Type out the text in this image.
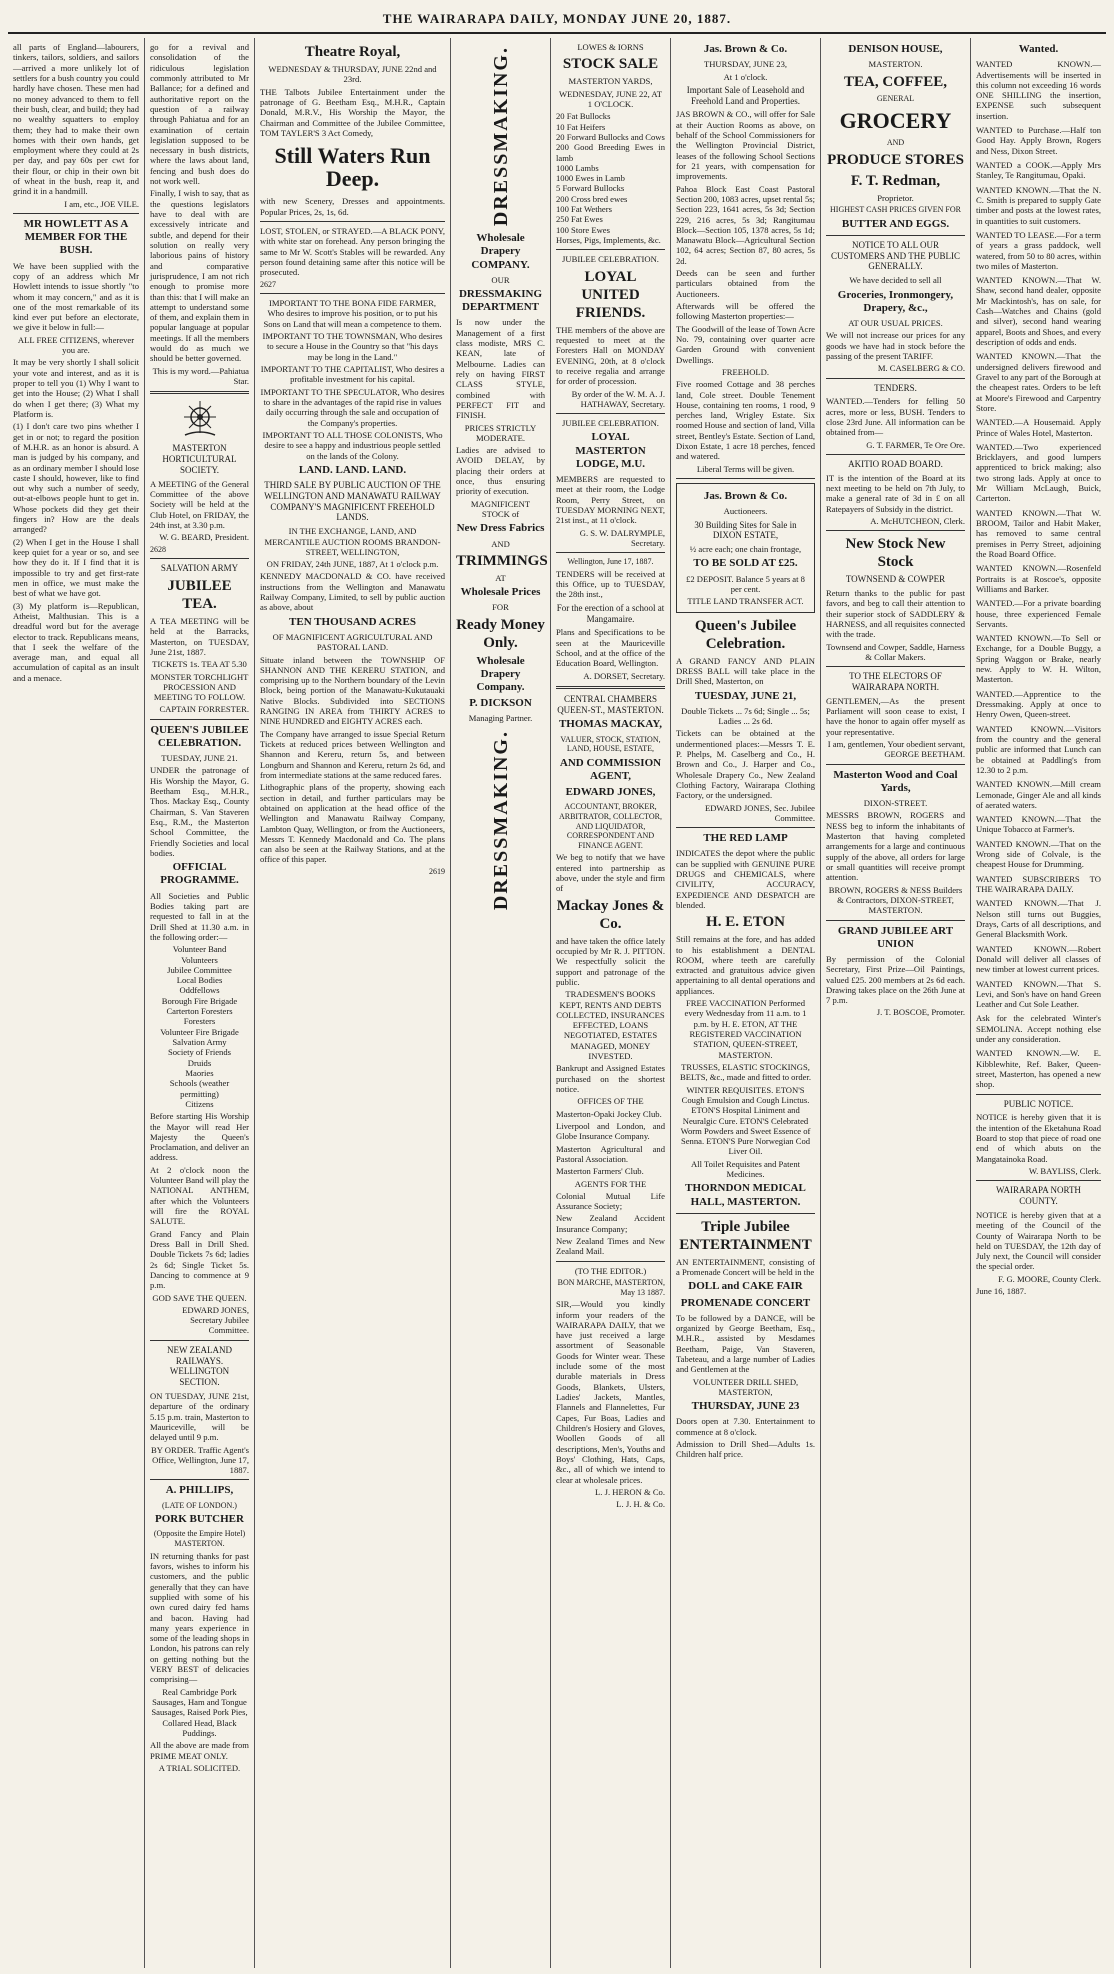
THE WAIRARAPA DAILY, MONDAY JUNE 20, 1887.

all parts of England—labourers, tinkers, tailors, soldiers, and sailors—arrived a more unlikely lot of settlers for a bush country you could hardly have chosen. These men had no money advanced to them to fell their bush, clear, and build; they had no wealthy squatters to employ them; they had to make their own homes with their own hands, get employment where they could at 2s per day, and pay 60s per cwt for their flour, or chip in their own bit of wheat in the bush, reap it, and grind it in a handmill.

I am, etc., JOE VILE.

MR HOWLETT AS A MEMBER FOR THE BUSH.

We have been supplied with the copy of an address which Mr Howlett intends to issue shortly "to whom it may concern," and as it is one of the most remarkable of its kind ever put before an electorate, we give it below in full:—

ALL FREE CITIZENS, wherever you are.

It may be very shortly I shall solicit your vote and interest, and as it is proper to tell you (1) Why I want to get into the House; (2) What I shall do when I get there; (3) What my Platform is.

(1) I don't care two pins whether I get in or not; to regard the position of M.H.R. as an honor is absurd. A man is judged by his company, and as an ordinary member I should lose caste I should, however, like to find out why such a number of seedy, out-at-elbows people hunt to get in. Whose pockets did they get their fingers in? How are the deals arranged?

(2) When I get in the House I shall keep quiet for a year or so, and see how they do it. If I find that it is impossible to try and get first-rate men in office, we must make the best of what we have got.

(3) My platform is—Republican, Atheist, Malthusian. This is a dreadful word but for the average elector to track. Republicans means, that I seek the welfare of the average man, and equal all accumulation of capital as an insult and a menace.

go for a revival and consolidation of the ridiculous legislation commonly attributed to Mr Ballance; for a defined and authoritative report on the question of a railway through Pahiatua and for an examination of certain legislation supposed to be necessary in bush districts, where the laws about land, fencing and bush does do not work well.

Finally, I wish to say, that as the questions legislators have to deal with are excessively intricate and subtle, and depend for their solution on really very laborious pains of history and comparative jurisprudence, I am not rich enough to promise more than this: that I will make an attempt to understand some of them, and explain them in popular language at popular meetings. If all the members would do as much we should be better governed.

This is my word.—Pahiatua Star.

MASTERTON HORTICULTURAL SOCIETY.

A MEETING of the General Committee of the above Society will be held at the Club Hotel, on FRIDAY, the 24th inst, at 3.30 p.m.

W. G. BEARD, President.

2628

SALVATION ARMY
JUBILEE TEA.

A TEA MEETING will be held at the Barracks, Masterton, on TUESDAY, June 21st, 1887.

TICKETS 1s. TEA AT 5.30

MONSTER TORCHLIGHT PROCESSION AND MEETING TO FOLLOW.

CAPTAIN FORRESTER.

QUEEN'S JUBILEE CELEBRATION.

TUESDAY, JUNE 21.

UNDER the patronage of His Worship the Mayor, G. Beetham Esq., M.H.R., Thos. Mackay Esq., County Chairman, S. Van Staveren Esq., R.M., the Masterton School Committee, the Friendly Societies and local bodies.

OFFICIAL PROGRAMME.

All Societies and Public Bodies taking part are requested to fall in at the Drill Shed at 11.30 a.m. in the following order:—

Volunteer Band
Volunteers
Jubilee Committee
Local Bodies
Oddfellows
Borough Fire Brigade
Carterton Foresters
Foresters
Volunteer Fire Brigade
Salvation Army
Society of Friends
Druids
Maories
Schools (weather permitting)
Citizens

Before starting His Worship the Mayor will read Her Majesty the Queen's Proclamation, and deliver an address.

At 2 o'clock noon the Volunteer Band will play the NATIONAL ANTHEM, after which the Volunteers will fire the ROYAL SALUTE.

Grand Fancy and Plain Dress Ball in Drill Shed. Double Tickets 7s 6d; ladies 2s 6d; Single Ticket 5s. Dancing to commence at 9 p.m.

GOD SAVE THE QUEEN.

EDWARD JONES, Secretary Jubilee Committee.

NEW ZEALAND RAILWAYS. WELLINGTON SECTION.

ON TUESDAY, JUNE 21st, departure of the ordinary 5.15 p.m. train, Masterton to Mauriceville, will be delayed until 9 p.m.

BY ORDER. Traffic Agent's Office, Wellington, June 17, 1887.

A. PHILLIPS,

(LATE OF LONDON.)

PORK BUTCHER

(Opposite the Empire Hotel) MASTERTON.

IN returning thanks for past favors, wishes to inform his customers, and the public generally that they can have supplied with some of his own cured dairy fed hams and bacon. Having had many years experience in some of the leading shops in London, his patrons can rely on getting nothing but the VERY BEST of delicacies comprising—

Real Cambridge Pork Sausages, Ham and Tongue Sausages, Raised Pork Pies, Collared Head, Black Puddings.

All the above are made from PRIME MEAT ONLY.

A TRIAL SOLICITED.

Theatre Royal,

WEDNESDAY & THURSDAY, JUNE 22nd and 23rd.

THE Talbots Jubilee Entertainment under the patronage of G. Beetham Esq., M.H.R., Captain Donald, M.R.V., His Worship the Mayor, the Chairman and Committee of the Jubilee Committee, TOM TAYLER'S 3 Act Comedy,

Still Waters Run Deep.

with new Scenery, Dresses and appointments. Popular Prices, 2s, 1s, 6d.

LOST, STOLEN, or STRAYED.—A BLACK PONY, with white star on forehead. Any person bringing the same to Mr W. Scott's Stables will be rewarded. Any person found detaining same after this notice will be prosecuted.

2627

IMPORTANT TO THE BONA FIDE FARMER, Who desires to improve his position, or to put his Sons on Land that will mean a competence to them.

IMPORTANT TO THE TOWNSMAN, Who desires to secure a House in the Country so that "his days may be long in the Land."

IMPORTANT TO THE CAPITALIST, Who desires a profitable investment for his capital.

IMPORTANT TO THE SPECULATOR, Who desires to share in the advantages of the rapid rise in values daily occurring through the sale and occupation of the Company's properties.

IMPORTANT TO ALL THOSE COLONISTS, Who desire to see a happy and industrious people settled on the lands of the Colony.

LAND. LAND. LAND.
THIRD SALE BY PUBLIC AUCTION OF THE WELLINGTON AND MANAWATU RAILWAY COMPANY'S MAGNIFICENT FREEHOLD LANDS.

IN THE EXCHANGE, LAND, AND MERCANTILE AUCTION ROOMS BRANDON-STREET, WELLINGTON,

ON FRIDAY, 24th JUNE, 1887, At 1 o'clock p.m.

KENNEDY MACDONALD & CO. have received instructions from the Wellington and Manawatu Railway Company, Limited, to sell by public auction as above, about

TEN THOUSAND ACRES

OF MAGNIFICENT AGRICULTURAL AND PASTORAL LAND.

Situate inland between the TOWNSHIP OF SHANNON AND THE KERERU STATION, and comprising up to the Northern boundary of the Levin Block, being portion of the Manawatu-Kukutauaki Native Blocks. Subdivided into SECTIONS RANGING IN AREA from THIRTY ACRES to NINE HUNDRED and EIGHTY ACRES each.

The Company have arranged to issue Special Return Tickets at reduced prices between Wellington and Shannon and Kereru, return 5s, and between Longburn and Shannon and Kereru, return 2s 6d, and from intermediate stations at the same reduced fares.

Lithographic plans of the property, showing each section in detail, and further particulars may be obtained on application at the head office of the Wellington and Manawatu Railway Company, Lambton Quay, Wellington, or from the Auctioneers, Messrs T. Kennedy Macdonald and Co. The plans can also be seen at the Railway Stations, and at the office of this paper.

2619

DRESSMAKING.
Wholesale Drapery COMPANY.

OUR

DRESSMAKING DEPARTMENT

Is now under the Management of a first class modiste, MRS C. KEAN, late of Melbourne. Ladies can rely on having FIRST CLASS STYLE, combined with PERFECT FIT and FINISH.

PRICES STRICTLY MODERATE.

Ladies are advised to AVOID DELAY, by placing their orders at once, thus ensuring priority of execution.

MAGNIFICENT STOCK of

New Dress Fabrics

AND

TRIMMINGS

AT

Wholesale Prices

FOR

Ready Money Only.
Wholesale Drapery Company.
P. DICKSON

Managing Partner.

DRESSMAKING.

LOWES & IORNS

STOCK SALE

MASTERTON YARDS,

WEDNESDAY, JUNE 22, AT 1 O'CLOCK.

20 Fat Bullocks
10 Fat Heifers
20 Forward Bullocks and Cows
200 Good Breeding Ewes in lamb
1000 Lambs
1000 Ewes in Lamb
5 Forward Bullocks
200 Cross bred ewes
100 Fat Wethers
250 Fat Ewes
100 Store Ewes
Horses, Pigs, Implements, &c.

JUBILEE CELEBRATION.

LOYAL UNITED FRIENDS.

THE members of the above are requested to meet at the Foresters Hall on MONDAY EVENING, 20th, at 8 o'clock to receive regalia and arrange for order of procession.

By order of the W. M. A. J. HATHAWAY, Secretary.

JUBILEE CELEBRATION.

LOYAL MASTERTON LODGE, M.U.

MEMBERS are requested to meet at their room, the Lodge Room, Perry Street, on TUESDAY MORNING NEXT, 21st inst., at 11 o'clock.

G. S. W. DALRYMPLE, Secretary.

Wellington, June 17, 1887.

TENDERS will be received at this Office, up to TUESDAY, the 28th inst.,

For the erection of a school at Mangamaire.

Plans and Specifications to be seen at the Mauriceville School, and at the office of the Education Board, Wellington.

A. DORSET, Secretary.

CENTRAL CHAMBERS QUEEN-ST., MASTERTON.
THOMAS MACKAY,

VALUER, STOCK, STATION, LAND, HOUSE, ESTATE,

AND COMMISSION AGENT,
EDWARD JONES,

ACCOUNTANT, BROKER, ARBITRATOR, COLLECTOR, AND LIQUIDATOR, CORRESPONDENT AND FINANCE AGENT.

We beg to notify that we have entered into partnership as above, under the style and firm of

Mackay Jones & Co.

and have taken the office lately occupied by Mr R. J. PITTON. We respectfully solicit the support and patronage of the public.

TRADESMEN'S BOOKS KEPT, RENTS AND DEBTS COLLECTED, INSURANCES EFFECTED, LOANS NEGOTIATED, ESTATES MANAGED, MONEY INVESTED.

Bankrupt and Assigned Estates purchased on the shortest notice.

OFFICES OF THE

Masterton-Opaki Jockey Club.

Liverpool and London, and Globe Insurance Company.

Masterton Agricultural and Pastoral Association.

Masterton Farmers' Club.

AGENTS FOR THE

Colonial Mutual Life Assurance Society;

New Zealand Accident Insurance Company;

New Zealand Times and New Zealand Mail.

(TO THE EDITOR.)

BON MARCHE, MASTERTON, May 13 1887.

SIR,—Would you kindly inform your readers of the WAIRARAPA DAILY, that we have just received a large assortment of Seasonable Goods for Winter wear. These include some of the most durable materials in Dress Goods, Blankets, Ulsters, Ladies' Jackets, Mantles, Flannels and Flannelettes, Fur Capes, Fur Boas, Ladies and Children's Hosiery and Gloves, Woollen Goods of all descriptions, Men's, Youths and Boys' Clothing, Hats, Caps, &c., all of which we intend to clear at wholesale prices.

L. J. HERON & Co.

L. J. H. & Co.

Jas. Brown & Co.

THURSDAY, JUNE 23,

At 1 o'clock.

Important Sale of Leasehold and Freehold Land and Properties.

JAS BROWN & CO., will offer for Sale at their Auction Rooms as above, on behalf of the School Commissioners for the Wellington Provincial District, leases of the following School Sections for 21 years, with compensation for improvements.

Pahoa Block East Coast Pastoral Section 200, 1083 acres, upset rental 5s; Section 223, 1641 acres, 5s 3d; Section 229, 216 acres, 5s 3d; Rangitumau Block—Section 105, 1378 acres, 5s 1d; Manawatu Block—Agricultural Section 102, 64 acres; Section 87, 80 acres, 5s 2d.

Deeds can be seen and further particulars obtained from the Auctioneers.

Afterwards will be offered the following Masterton properties:—

The Goodwill of the lease of Town Acre No. 79, containing over quarter acre Garden Ground with convenient Dwellings.

FREEHOLD.

Five roomed Cottage and 38 perches land, Cole street. Double Tenement House, containing ten rooms, 1 rood, 9 perches land, Wrigley Estate. Six roomed House and section of land, Villa street, Bentley's Estate. Section of Land, Dixon Estate, 1 acre 18 perches, fenced and watered.

Liberal Terms will be given.

Jas. Brown & Co.

Auctioneers.

30 Building Sites for Sale in DIXON ESTATE,

½ acre each; one chain frontage,

TO BE SOLD AT £25.

£2 DEPOSIT. Balance 5 years at 8 per cent.

TITLE LAND TRANSFER ACT.

Queen's Jubilee Celebration.

A GRAND FANCY AND PLAIN DRESS BALL will take place in the Drill Shed, Masterton, on

TUESDAY, JUNE 21,

Double Tickets ... 7s 6d; Single ... 5s; Ladies ... 2s 6d.

Tickets can be obtained at the undermentioned places:—Messrs T. E. P. Phelps, M. Caselberg and Co., H. Brown and Co., J. Harper and Co., Wholesale Drapery Co., New Zealand Clothing Factory, Wairarapa Clothing Factory, or the undersigned.

EDWARD JONES, Sec. Jubilee Committee.

THE RED LAMP

INDICATES the depot where the public can be supplied with GENUINE PURE DRUGS and CHEMICALS, where CIVILITY, ACCURACY, EXPEDIENCE AND DESPATCH are blended.

H. E. ETON

Still remains at the fore, and has added to his establishment a DENTAL ROOM, where teeth are carefully extracted and gratuitous advice given appertaining to all dental operations and appliances.

FREE VACCINATION Performed every Wednesday from 11 a.m. to 1 p.m. by H. E. ETON, AT THE REGISTERED VACCINATION STATION, QUEEN-STREET, MASTERTON.

TRUSSES, ELASTIC STOCKINGS, BELTS, &c., made and fitted to order.

WINTER REQUISITES. ETON'S Cough Emulsion and Cough Linctus. ETON'S Hospital Liniment and Neuralgic Cure. ETON'S Celebrated Worm Powders and Sweet Essence of Senna. ETON'S Pure Norwegian Cod Liver Oil.

All Toilet Requisites and Patent Medicines.

THORNDON MEDICAL HALL, MASTERTON.
Triple Jubilee ENTERTAINMENT

AN ENTERTAINMENT, consisting of a Promenade Concert will be held in the

DOLL and CAKE FAIR
PROMENADE CONCERT

To be followed by a DANCE, will be organized by George Beetham, Esq., M.H.R., assisted by Mesdames Beetham, Paige, Van Staveren, Tabeteau, and a large number of Ladies and Gentlemen at the

VOLUNTEER DRILL SHED, MASTERTON,

THURSDAY, JUNE 23

Doors open at 7.30. Entertainment to commence at 8 o'clock.

Admission to Drill Shed—Adults 1s. Children half price.

DENISON HOUSE,

MASTERTON.

TEA, COFFEE,

GENERAL

GROCERY

AND

PRODUCE STORES
F. T. Redman,

Proprietor.

HIGHEST CASH PRICES GIVEN FOR

BUTTER AND EGGS.
NOTICE TO ALL OUR CUSTOMERS AND THE PUBLIC GENERALLY.

We have decided to sell all

Groceries, Ironmongery, Drapery, &c.,

AT OUR USUAL PRICES.

We will not increase our prices for any goods we have had in stock before the passing of the present TARIFF.

M. CASELBERG & CO.

TENDERS.

WANTED.—Tenders for felling 50 acres, more or less, BUSH. Tenders to close 23rd June. All information can be obtained from—

G. T. FARMER, Te Ore Ore.

AKITIO ROAD BOARD.

IT is the intention of the Board at its next meeting to be held on 7th July, to make a general rate of 3d in £ on all Ratepayers of Subsidy in the district.

A. McHUTCHEON, Clerk.

New Stock New Stock
TOWNSEND & COWPER

Return thanks to the public for past favors, and beg to call their attention to their superior stock of SADDLERY & HARNESS, and all requisites connected with the trade.

Townsend and Cowper, Saddle, Harness & Collar Makers.

TO THE ELECTORS OF WAIRARAPA NORTH.

GENTLEMEN,—As the present Parliament will soon cease to exist, I have the honor to again offer myself as your representative.

I am, gentlemen, Your obedient servant, GEORGE BEETHAM.

Masterton Wood and Coal Yards,

DIXON-STREET.

MESSRS BROWN, ROGERS and NESS beg to inform the inhabitants of Masterton that having completed arrangements for a large and continuous supply of the above, all orders for large or small quantities will receive prompt attention.

BROWN, ROGERS & NESS Builders & Contractors, DIXON-STREET, MASTERTON.

GRAND JUBILEE ART UNION

By permission of the Colonial Secretary, First Prize—Oil Paintings, valued £25. 200 members at 2s 6d each. Drawing takes place on the 26th June at 7 p.m.

J. T. BOSCOE, Promoter.

Wanted.

WANTED KNOWN.—Advertisements will be inserted in this column not exceeding 16 words ONE SHILLING the insertion, EXPENSE such subsequent insertion.

WANTED to Purchase.—Half ton Good Hay. Apply Brown, Rogers and Ness, Dixon Street.

WANTED a COOK.—Apply Mrs Stanley, Te Rangitumau, Opaki.

WANTED KNOWN.—That the N. C. Smith is prepared to supply Gate timber and posts at the lowest rates, in quantities to suit customers.

WANTED TO LEASE.—For a term of years a grass paddock, well watered, from 50 to 80 acres, within two miles of Masterton.

WANTED KNOWN.—That W. Shaw, second hand dealer, opposite Mr Mackintosh's, has on sale, for Cash—Watches and Chains (gold and silver), second hand wearing apparel, Boots and Shoes, and every description of odds and ends.

WANTED KNOWN.—That the undersigned delivers firewood and Gravel to any part of the Borough at the cheapest rates. Orders to be left at Moore's Firewood and Carpentry Store.

WANTED.—A Housemaid. Apply Prince of Wales Hotel, Masterton.

WANTED.—Two experienced Bricklayers, and good lumpers apprenticed to brick making; also two strong lads. Apply at once to Mr William McLaugh, Buick, Carterton.

WANTED KNOWN.—That W. BROOM, Tailor and Habit Maker, has removed to same central premises in Perry Street, adjoining the Road Board Office.

WANTED KNOWN.—Rosenfeld Portraits is at Roscoe's, opposite Williams and Barker.

WANTED.—For a private boarding house, three experienced Female Servants.

WANTED KNOWN.—To Sell or Exchange, for a Double Buggy, a Spring Waggon or Brake, nearly new. Apply to W. H. Wilton, Masterton.

WANTED.—Apprentice to the Dressmaking. Apply at once to Henry Owen, Queen-street.

WANTED KNOWN.—Visitors from the country and the general public are informed that Lunch can be obtained at Paddling's from 12.30 to 2 p.m.

WANTED KNOWN.—Mill cream Lemonade, Ginger Ale and all kinds of aerated waters.

WANTED KNOWN.—That the Unique Tobacco at Farmer's.

WANTED KNOWN.—That on the Wrong side of Colvale, is the cheapest House for Drumming.

WANTED SUBSCRIBERS TO THE WAIRARAPA DAILY.

WANTED KNOWN.—That J. Nelson still turns out Buggies, Drays, Carts of all descriptions, and General Blacksmith Work.

WANTED KNOWN.—Robert Donald will deliver all classes of new timber at lowest current prices.

WANTED KNOWN.—That S. Levi, and Son's have on hand Green Leather and Cut Sole Leather.

Ask for the celebrated Winter's SEMOLINA. Accept nothing else under any consideration.

WANTED KNOWN.—W. E. Kibblewhite, Ref. Baker, Queen-street, Masterton, has opened a new shop.

PUBLIC NOTICE.

NOTICE is hereby given that it is the intention of the Eketahuna Road Board to stop that piece of road one end of which abuts on the Mangatainoka Road.

W. BAYLISS, Clerk.

WAIRARAPA NORTH COUNTY.

NOTICE is hereby given that at a meeting of the Council of the County of Wairarapa North to be held on TUESDAY, the 12th day of July next, the Council will consider the special order.

F. G. MOORE, County Clerk.

June 16, 1887.
